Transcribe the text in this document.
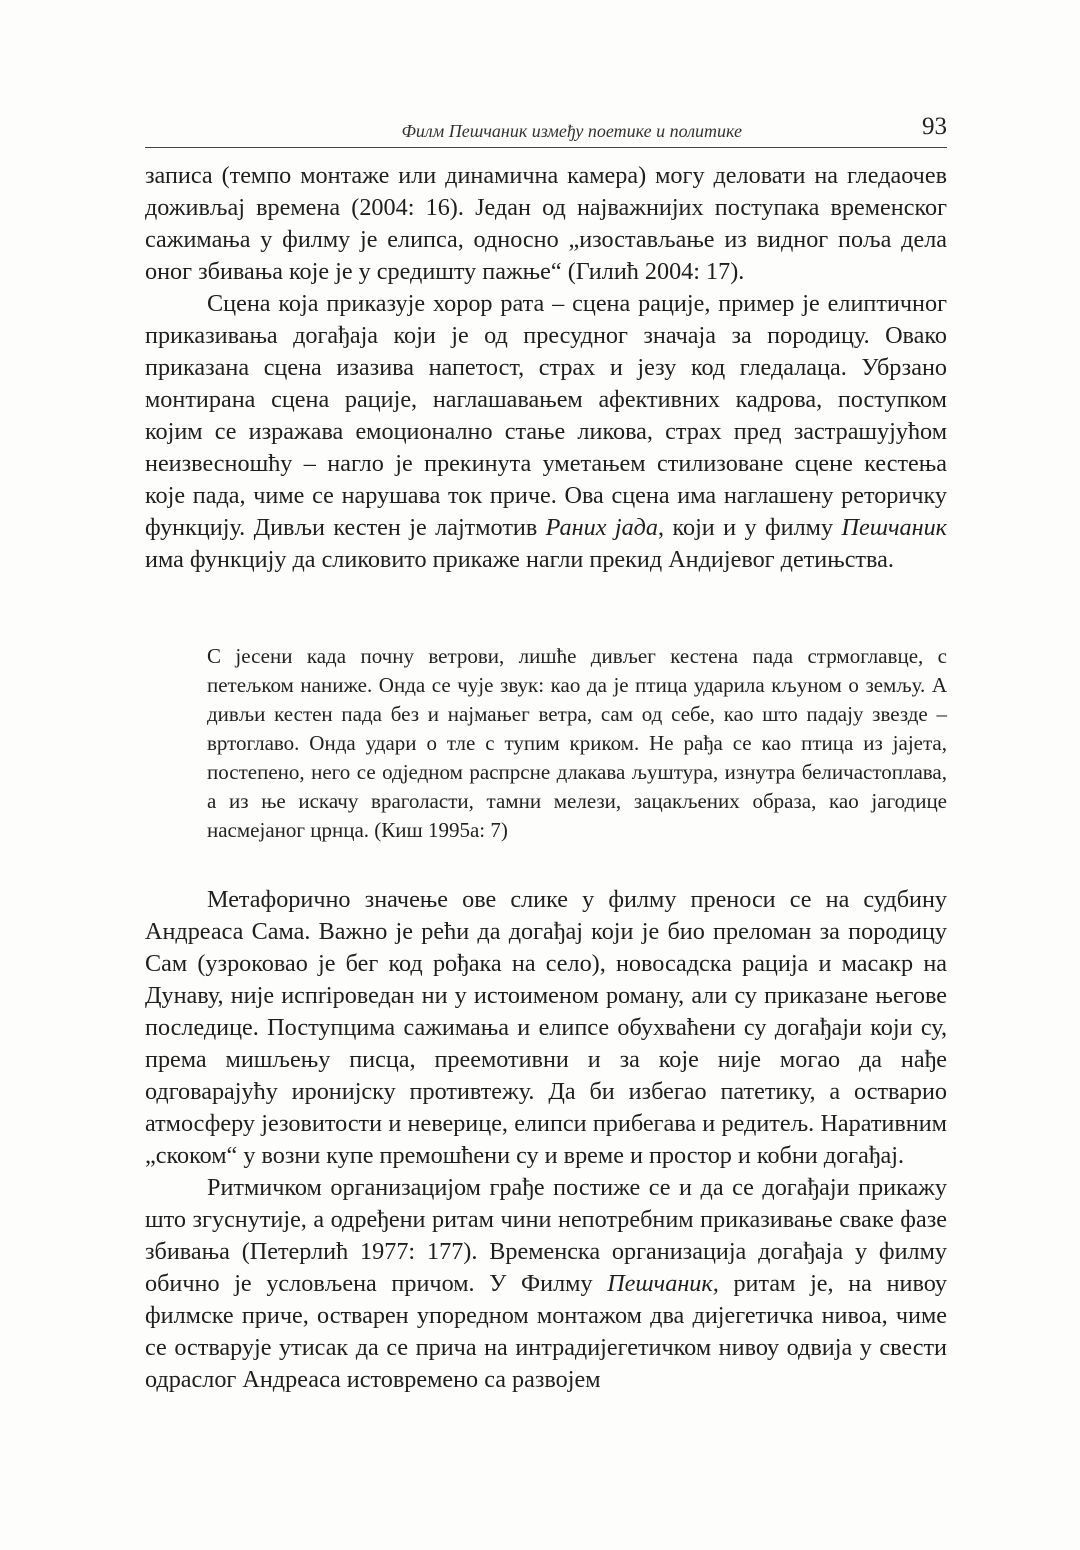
Филм Пешчаник између поетике и политике	93

записа (темпо монтаже или динамична камера) могу деловати на гледаочев доживљај времена (2004: 16). Један од најважнијих поступака временског сажимања у филму је елипса, односно „изостављање из видног поља дела оног збивања које је у средишту пажње“ (Гилић 2004: 17).

Сцена која приказује хорор рата – сцена рације, пример је елиптичног приказивања догађаја који је од пресудног значаја за породицу. Овако приказана сцена изазива напетост, страх и језу код гледалаца. Убрзано монтирана сцена рације, наглашавањем афективних кадрова, поступком којим се изражава емоционално стање ликова, страх пред застрашујућом неизвесношћу – нагло је прекинута уметањем стилизоване сцене кестења које пада, чиме се нарушава ток приче. Ова сцена има наглашену реторичку функцију. Дивљи кестен је лајтмотив Раних јада, који и у филму Пешчаник има функцију да сликовито прикаже нагли прекид Андијевог детињства.

С јесени када почну ветрови, лишће дивљег кестена пада стрмоглавце, с петељком наниже. Онда се чује звук: као да је птица ударила кљуном о земљу. А дивљи кестен пада без и најмањег ветра, сам од себе, као што падају звезде – вртоглаво. Онда удари о тле с тупим криком. Не рађа се као птица из јајета, постепено, него се одједном распрсне длакава љуштура, изнутра беличастоплава, а из ње искачу враголасти, тамни мелези, зацакљених образа, као јагодице насмејаног црнца. (Киш 1995а: 7)

Метафорично значење ове слике у филму преноси се на судбину Андреаса Сама. Важно је рећи да догађај који је био преломан за породицу Сам (узроковао је бег код рођака на село), новосадска рација и масакр на Дунаву, није испripoведан ни у истоименом роману, али су приказане његове последице. Поступцима сажимања и елипсе обухваћени су догађаји који су, према мишљењу писца, преемотивни и за које није могао да нађе одговарајућу иронијску противтежу. Да би избегао патетику, а остварио атмосферу језовитости и неверице, елипси прибегава и редитељ. Наративним „скоком“ у возни купе премошћени су и време и простор и кобни догађај.

Ритмичком организацијом грађе постиже се и да се догађаји прикажу што згуснутије, а одређени ритам чини непотребним приказивање сваке фазе збивања (Петерлић 1977: 177). Временска организација догађаја у филму обично је условљена причом. У Филму Пешчаник, ритам је, на нивоу филмске приче, остварен упоредном монтажом два дијегетичка нивоа, чиме се остварује утисак да се прича на интрадијегетичком нивоу одвија у свести одраслог Андреаса истовремено са развојем
